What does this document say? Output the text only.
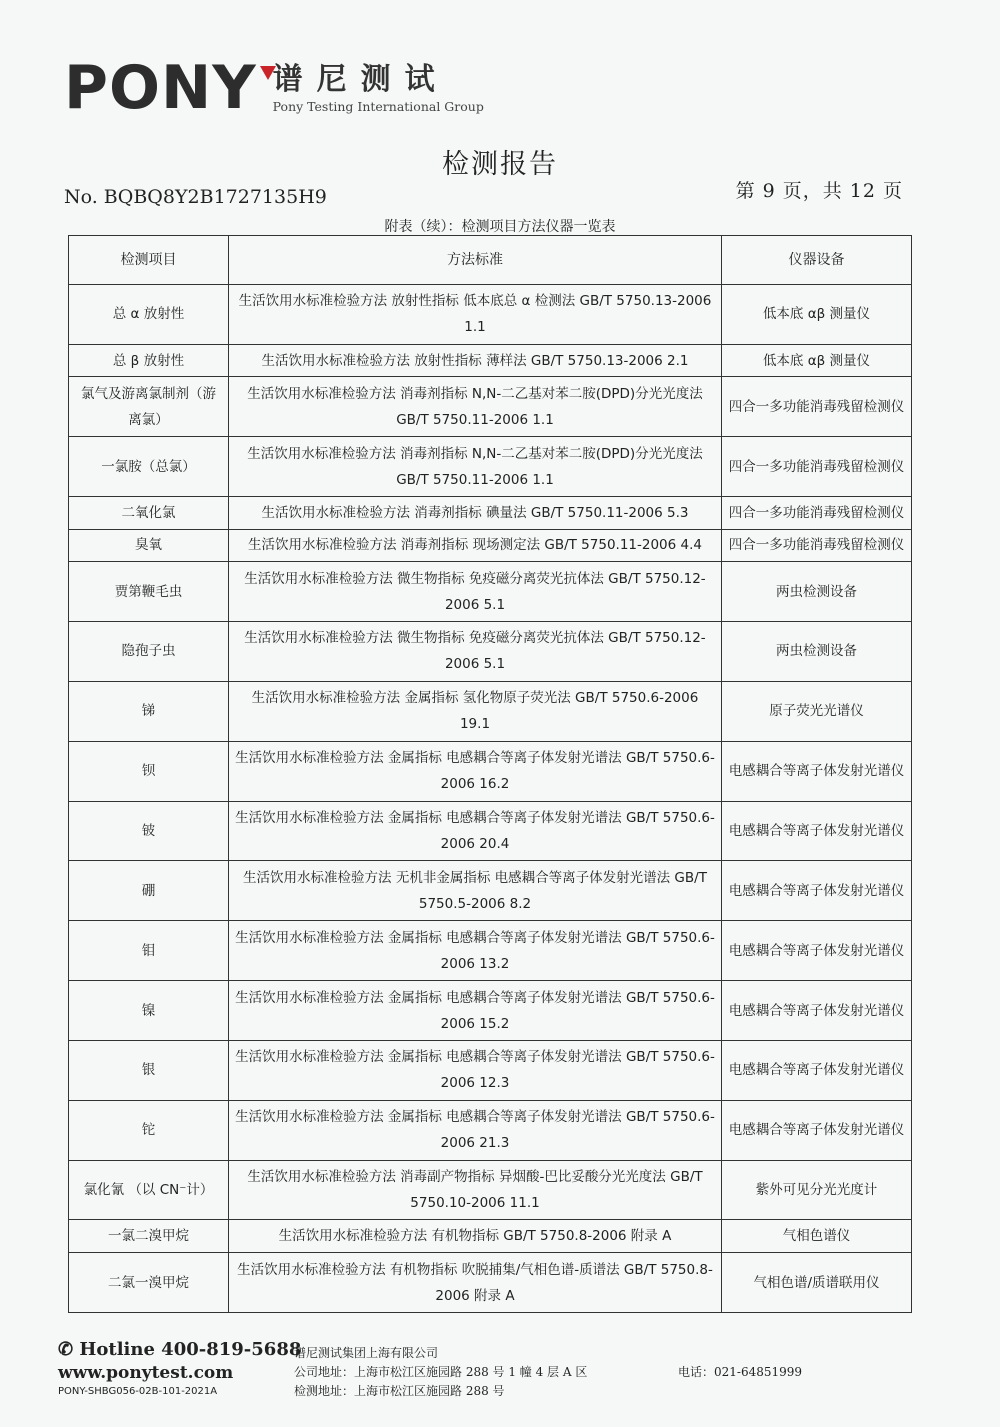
PONY 谱尼测试
Pony Testing International Group
检测报告
No. BQBQ8Y2B1727135H9	第 9 页，共 12 页
附表（续）：检测项目方法仪器一览表
检测项目	方法标准	仪器设备
总 α 放射性	生活饮用水标准检验方法 放射性指标 低本底总 α 检测法 GB/T 5750.13-2006 1.1	低本底 αβ 测量仪
总 β 放射性	生活饮用水标准检验方法 放射性指标 薄样法 GB/T 5750.13-2006 2.1	低本底 αβ 测量仪
氯气及游离氯制剂（游离氯）	生活饮用水标准检验方法 消毒剂指标 N,N-二乙基对苯二胺(DPD)分光光度法 GB/T 5750.11-2006 1.1	四合一多功能消毒残留检测仪
一氯胺（总氯）	生活饮用水标准检验方法 消毒剂指标 N,N-二乙基对苯二胺(DPD)分光光度法 GB/T 5750.11-2006 1.1	四合一多功能消毒残留检测仪
二氧化氯	生活饮用水标准检验方法 消毒剂指标 碘量法 GB/T 5750.11-2006 5.3	四合一多功能消毒残留检测仪
臭氧	生活饮用水标准检验方法 消毒剂指标 现场测定法 GB/T 5750.11-2006 4.4	四合一多功能消毒残留检测仪
贾第鞭毛虫	生活饮用水标准检验方法 微生物指标 免疫磁分离荧光抗体法 GB/T 5750.12-2006 5.1	两虫检测设备
隐孢子虫	生活饮用水标准检验方法 微生物指标 免疫磁分离荧光抗体法 GB/T 5750.12-2006 5.1	两虫检测设备
锑	生活饮用水标准检验方法 金属指标 氢化物原子荧光法 GB/T 5750.6-2006 19.1	原子荧光光谱仪
钡	生活饮用水标准检验方法 金属指标 电感耦合等离子体发射光谱法 GB/T 5750.6-2006 16.2	电感耦合等离子体发射光谱仪
铍	生活饮用水标准检验方法 金属指标 电感耦合等离子体发射光谱法 GB/T 5750.6-2006 20.4	电感耦合等离子体发射光谱仪
硼	生活饮用水标准检验方法 无机非金属指标 电感耦合等离子体发射光谱法 GB/T 5750.5-2006 8.2	电感耦合等离子体发射光谱仪
钼	生活饮用水标准检验方法 金属指标 电感耦合等离子体发射光谱法 GB/T 5750.6-2006 13.2	电感耦合等离子体发射光谱仪
镍	生活饮用水标准检验方法 金属指标 电感耦合等离子体发射光谱法 GB/T 5750.6-2006 15.2	电感耦合等离子体发射光谱仪
银	生活饮用水标准检验方法 金属指标 电感耦合等离子体发射光谱法 GB/T 5750.6-2006 12.3	电感耦合等离子体发射光谱仪
铊	生活饮用水标准检验方法 金属指标 电感耦合等离子体发射光谱法 GB/T 5750.6-2006 21.3	电感耦合等离子体发射光谱仪
氯化氰 （以 CN⁻计）	生活饮用水标准检验方法 消毒副产物指标 异烟酸-巴比妥酸分光光度法 GB/T 5750.10-2006 11.1	紫外可见分光光度计
一氯二溴甲烷	生活饮用水标准检验方法 有机物指标 GB/T 5750.8-2006 附录 A	气相色谱仪
二氯一溴甲烷	生活饮用水标准检验方法 有机物指标 吹脱捕集/气相色谱-质谱法 GB/T 5750.8-2006 附录 A	气相色谱/质谱联用仪
✆ Hotline 400-819-5688
www.ponytest.com
PONY-SHBG056-02B-101-2021A
谱尼测试集团上海有限公司
公司地址：上海市松江区施园路 288 号 1 幢 4 层 A 区
检测地址：上海市松江区施园路 288 号
电话：021-64851999
